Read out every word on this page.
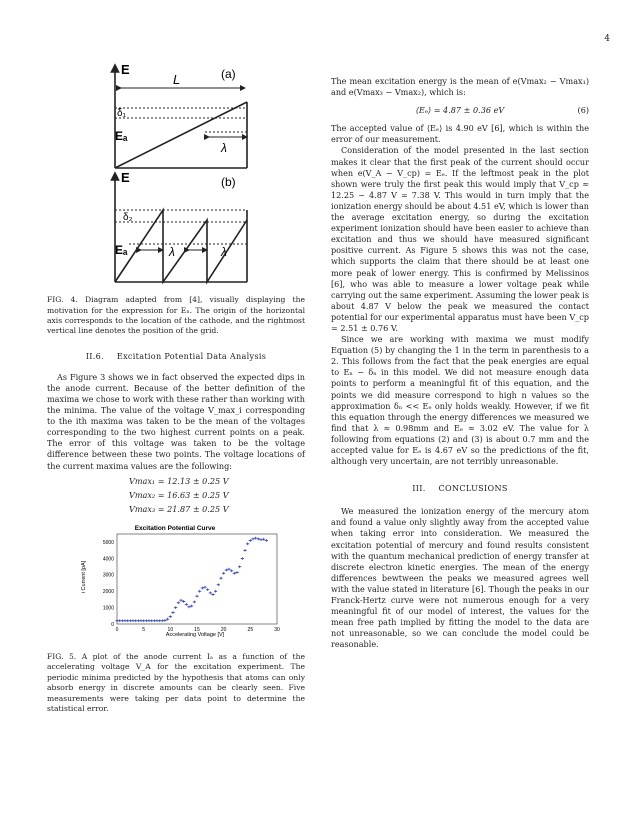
4
E
L	(a)
δ₁
Eₐ
λ
E	(b)
δ₂
Eₐ	λ	λ

FIG. 4. Diagram adapted from [4], visually displaying the motivation for the expression for Eₙ. The origin of the horizontal axis corresponds to the location of the cathode, and the rightmost vertical line denotes the position of the grid.

II.6. Excitation Potential Data Analysis

As Figure 3 shows we in fact observed the expected dips in the anode current. Because of the better definition of the maxima we chose to work with these rather than working with the minima. The value of the voltage V_max_i corresponding to the ith maxima was taken to be the mean of the voltages corresponding to the two highest current points on a peak. The error of this voltage was taken to be the voltage difference between these two points. The voltage locations of the current maxima values are the following:

Vmax₁ = 12.13 ± 0.25 V
Vmax₂ = 16.63 ± 0.25 V
Vmax₃ = 21.87 ± 0.25 V
Excitation Potential Curve
i Current [pA]
Accelerating Voltage [V]
0	5	10	15	20	25	30
0
1000
2000
3000
4000
5000

FIG. 5. A plot of the anode current Iₐ as a function of the accelerating voltage V_A for the excitation experiment. The periodic minima predicted by the hypothesis that atoms can only absorb energy in discrete amounts can be clearly seen. Five measurements were taking per data point to determine the statistical error.

The mean excitation energy is the mean of e(Vmax₂ − Vmax₁) and e(Vmax₃ − Vmax₂), which is:

⟨Eₑ⟩ = 4.87 ± 0.36 eV	(6)

The accepted value of ⟨Eₑ⟩ is 4.90 eV [6], which is within the error of our measurement.

Consideration of the model presented in the last section makes it clear that the first peak of the current should occur when e(V_A − V_cp) = Eₑ. If the leftmost peak in the plot shown were truly the first peak this would imply that V_cp ≈ 12.25 − 4.87 V = 7.38 V. This would in turn imply that the ionization energy should be about 4.51 eV, which is lower than the average excitation energy, so during the excitation experiment ionization should have been easier to achieve than excitation and thus we should have measured significant positive current. As Figure 5 shows this was not the case, which supports the claim that there should be at least one more peak of lower energy. This is confirmed by Melissinos [6], who was able to measure a lower voltage peak while carrying out the same experiment. Assuming the lower peak is about 4.87 V below the peak we measured the contact potential for our experimental apparatus must have been V_cp = 2.51 ± 0.76 V.

Since we are working with maxima we must modify Equation (5) by changing the 1 in the term in parenthesis to a 2. This follows from the fact that the peak energies are equal to Eₙ − δₙ in this model. We did not measure enough data points to perform a meaningful fit of this equation, and the points we did measure correspond to high n values so the approximation δₙ << Eₑ only holds weakly. However, if we fit this equation through the energy differences we measured we find that λ ≈ 0.98mm and Eₑ ≈ 3.02 eV. The value for λ following from equations (2) and (3) is about 0.7 mm and the accepted value for Eₑ is 4.67 eV so the predictions of the fit, although very uncertain, are not terribly unreasonable.

III. CONCLUSIONS

We measured the ionization energy of the mercury atom and found a value only slightly away from the accepted value when taking error into consideration. We measured the excitation potential of mercury and found results consistent with the quantum mechanical prediction of energy transfer at discrete electron kinetic energies. The mean of the energy differences bewtween the peaks we measured agrees well with the value stated in literature [6]. Though the peaks in our Franck-Hertz curve were not numerous enough for a very meaningful fit of our model of interest, the values for the mean free path implied by fitting the model to the data are not unreasonable, so we can conclude the model could be reasonable.
